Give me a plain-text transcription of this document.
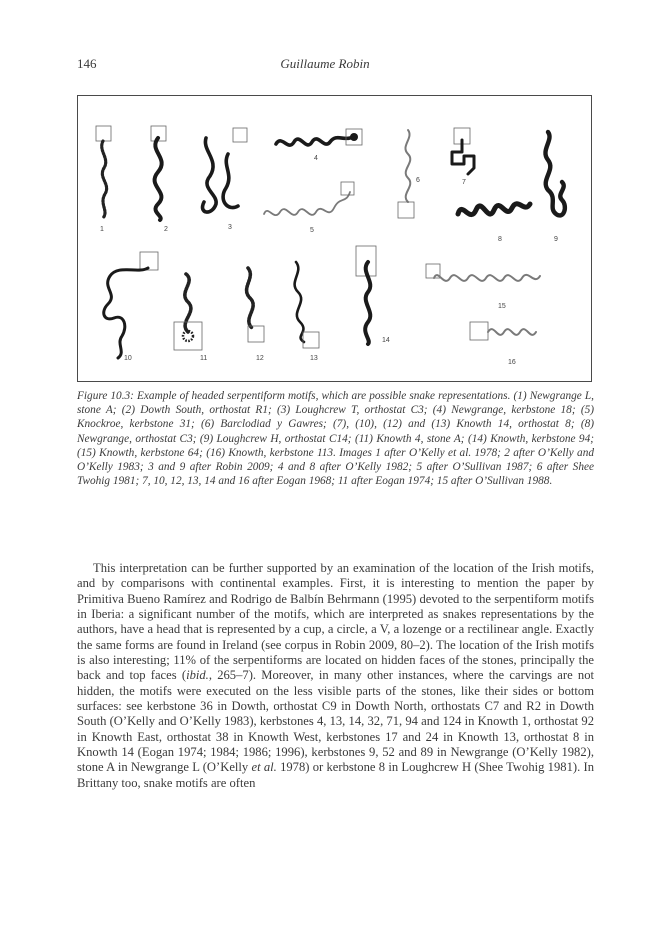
146	Guillaume Robin
1	2	3
4
5
6	7
8	9
10	11	12	13
14
15
16
Figure 10.3: Example of headed serpentiform motifs, which are possible snake representations. (1) Newgrange L, stone A; (2) Dowth South, orthostat R1; (3) Loughcrew T, orthostat C3; (4) Newgrange, kerbstone 18; (5) Knockroe, kerbstone 31; (6) Barclodiad y Gawres; (7), (10), (12) and (13) Knowth 14, orthostat 8; (8) Newgrange, orthostat C3; (9) Loughcrew H, orthostat C14; (11) Knowth 4, stone A; (14) Knowth, kerbstone 94; (15) Knowth, kerbstone 64; (16) Knowth, kerbstone 113. Images 1 after O’Kelly et al. 1978; 2 after O’Kelly and O’Kelly 1983; 3 and 9 after Robin 2009; 4 and 8 after O’Kelly 1982; 5 after O’Sullivan 1987; 6 after Shee Twohig 1981; 7, 10, 12, 13, 14 and 16 after Eogan 1968; 11 after Eogan 1974; 15 after O’Sullivan 1988.

This interpretation can be further supported by an examination of the location of the Irish motifs, and by comparisons with continental examples. First, it is interesting to mention the paper by Primitiva Bueno Ramírez and Rodrigo de Balbín Behrmann (1995) devoted to the serpentiform motifs in Iberia: a significant number of the motifs, which are interpreted as snakes representations by the authors, have a head that is represented by a cup, a circle, a V, a lozenge or a rectilinear angle. Exactly the same forms are found in Ireland (see corpus in Robin 2009, 80–2). The location of the Irish motifs is also interesting; 11% of the serpentiforms are located on hidden faces of the stones, principally the back and top faces (ibid., 265–7). Moreover, in many other instances, where the carvings are not hidden, the motifs were executed on the less visible parts of the stones, like their sides or bottom surfaces: see kerbstone 36 in Dowth, orthostat C9 in Dowth North, orthostats C7 and R2 in Dowth South (O’Kelly and O’Kelly 1983), kerbstones 4, 13, 14, 32, 71, 94 and 124 in Knowth 1, orthostat 92 in Knowth East, orthostat 38 in Knowth West, kerbstones 17 and 24 in Knowth 13, orthostat 8 in Knowth 14 (Eogan 1974; 1984; 1986; 1996), kerbstones 9, 52 and 89 in Newgrange (O’Kelly 1982), stone A in Newgrange L (O’Kelly et al. 1978) or kerbstone 8 in Loughcrew H (Shee Twohig 1981). In Brittany too, snake motifs are often
